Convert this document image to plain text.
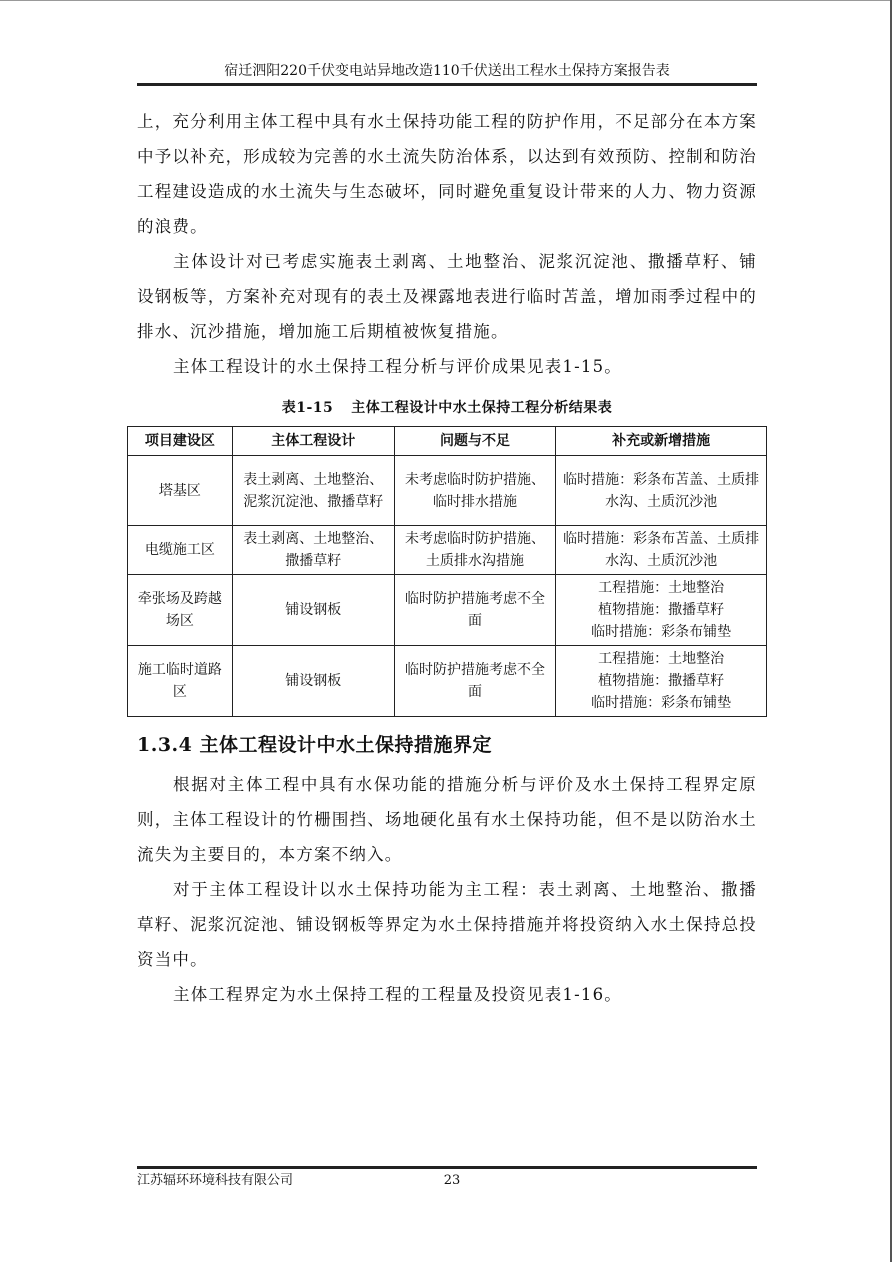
宿迁泗阳220千伏变电站异地改造110千伏送出工程水土保持方案报告表

上，充分利用主体工程中具有水土保持功能工程的防护作用，不足部分在本方案中予以补充，形成较为完善的水土流失防治体系，以达到有效预防、控制和防治工程建设造成的水土流失与生态破坏，同时避免重复设计带来的人力、物力资源的浪费。

主体设计对已考虑实施表土剥离、土地整治、泥浆沉淀池、撒播草籽、铺设钢板等，方案补充对现有的表土及裸露地表进行临时苫盖，增加雨季过程中的排水、沉沙措施，增加施工后期植被恢复措施。

主体工程设计的水土保持工程分析与评价成果见表1-15。

表1-15 主体工程设计中水土保持工程分析结果表
项目建设区	主体工程设计	问题与不足	补充或新增措施
塔基区	表土剥离、土地整治、泥浆沉淀池、撒播草籽	未考虑临时防护措施、临时排水措施	临时措施：彩条布苫盖、土质排水沟、土质沉沙池

电缆施工区	表土剥离、土地整治、撒播草籽	未考虑临时防护措施、土质排水沟措施	临时措施：彩条布苫盖、土质排水沟、土质沉沙池

牵张场及跨越场区	铺设钢板	临时防护措施考虑不全面	工程措施：土地整治
植物措施：撒播草籽
临时措施：彩条布铺垫

施工临时道路区	铺设钢板	临时防护措施考虑不全面	工程措施：土地整治
植物措施：撒播草籽
临时措施：彩条布铺垫
1.3.4 主体工程设计中水土保持措施界定

根据对主体工程中具有水保功能的措施分析与评价及水土保持工程界定原则，主体工程设计的竹栅围挡、场地硬化虽有水土保持功能，但不是以防治水土流失为主要目的，本方案不纳入。

对于主体工程设计以水土保持功能为主工程：表土剥离、土地整治、撒播草籽、泥浆沉淀池、铺设钢板等界定为水土保持措施并将投资纳入水土保持总投资当中。

主体工程界定为水土保持工程的工程量及投资见表1-16。

江苏辐环环境科技有限公司	23
